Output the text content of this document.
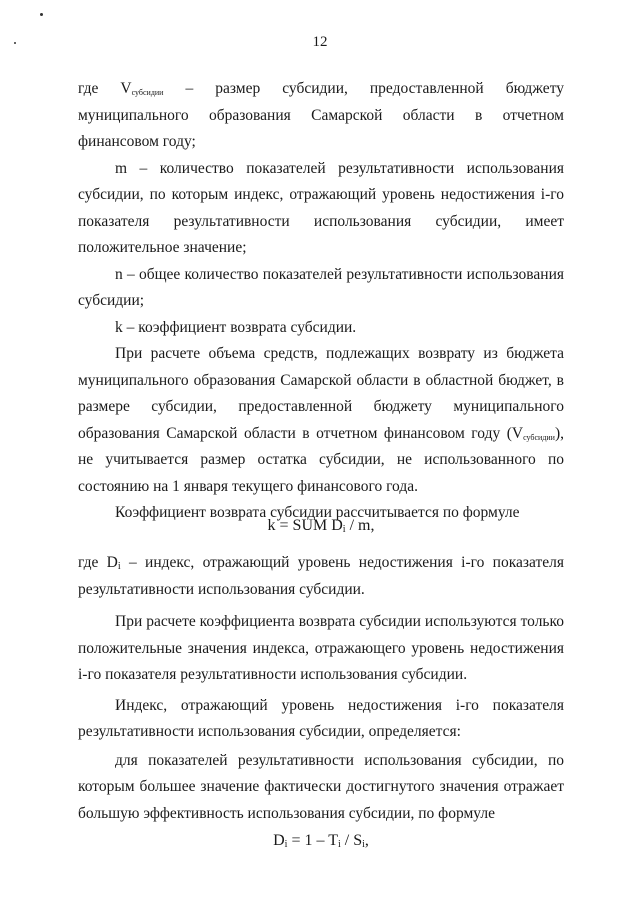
12

где $V_{субсидии}$ – размер субсидии, предоставленной бюджету муниципального образования Самарской области в отчетном финансовом году;

m – количество показателей результативности использования субсидии, по которым индекс, отражающий уровень недостижения i-го показателя результативности использования субсидии, имеет положительное значение;

n – общее количество показателей результативности использования субсидии;

k – коэффициент возврата субсидии.

При расчете объема средств, подлежащих возврату из бюджета муниципального образования Самарской области в областной бюджет, в размере субсидии, предоставленной бюджету муниципального образования Самарской области в отчетном финансовом году $(V_{субсидии})$, не учитывается размер остатка субсидии, не использованного по состоянию на 1 января текущего финансового года.

Коэффициент возврата субсидии рассчитывается по формуле

k = SUM $D_i$ / m,

где $D_i$ – индекс, отражающий уровень недостижения i-го показателя результативности использования субсидии.

При расчете коэффициента возврата субсидии используются только положительные значения индекса, отражающего уровень недостижения i-го показателя результативности использования субсидии.

Индекс, отражающий уровень недостижения i-го показателя результативности использования субсидии, определяется:

для показателей результативности использования субсидии, по которым большее значение фактически достигнутого значения отражает большую эффективность использования субсидии, по формуле

$D_i = 1 - T_i / S_i$,
